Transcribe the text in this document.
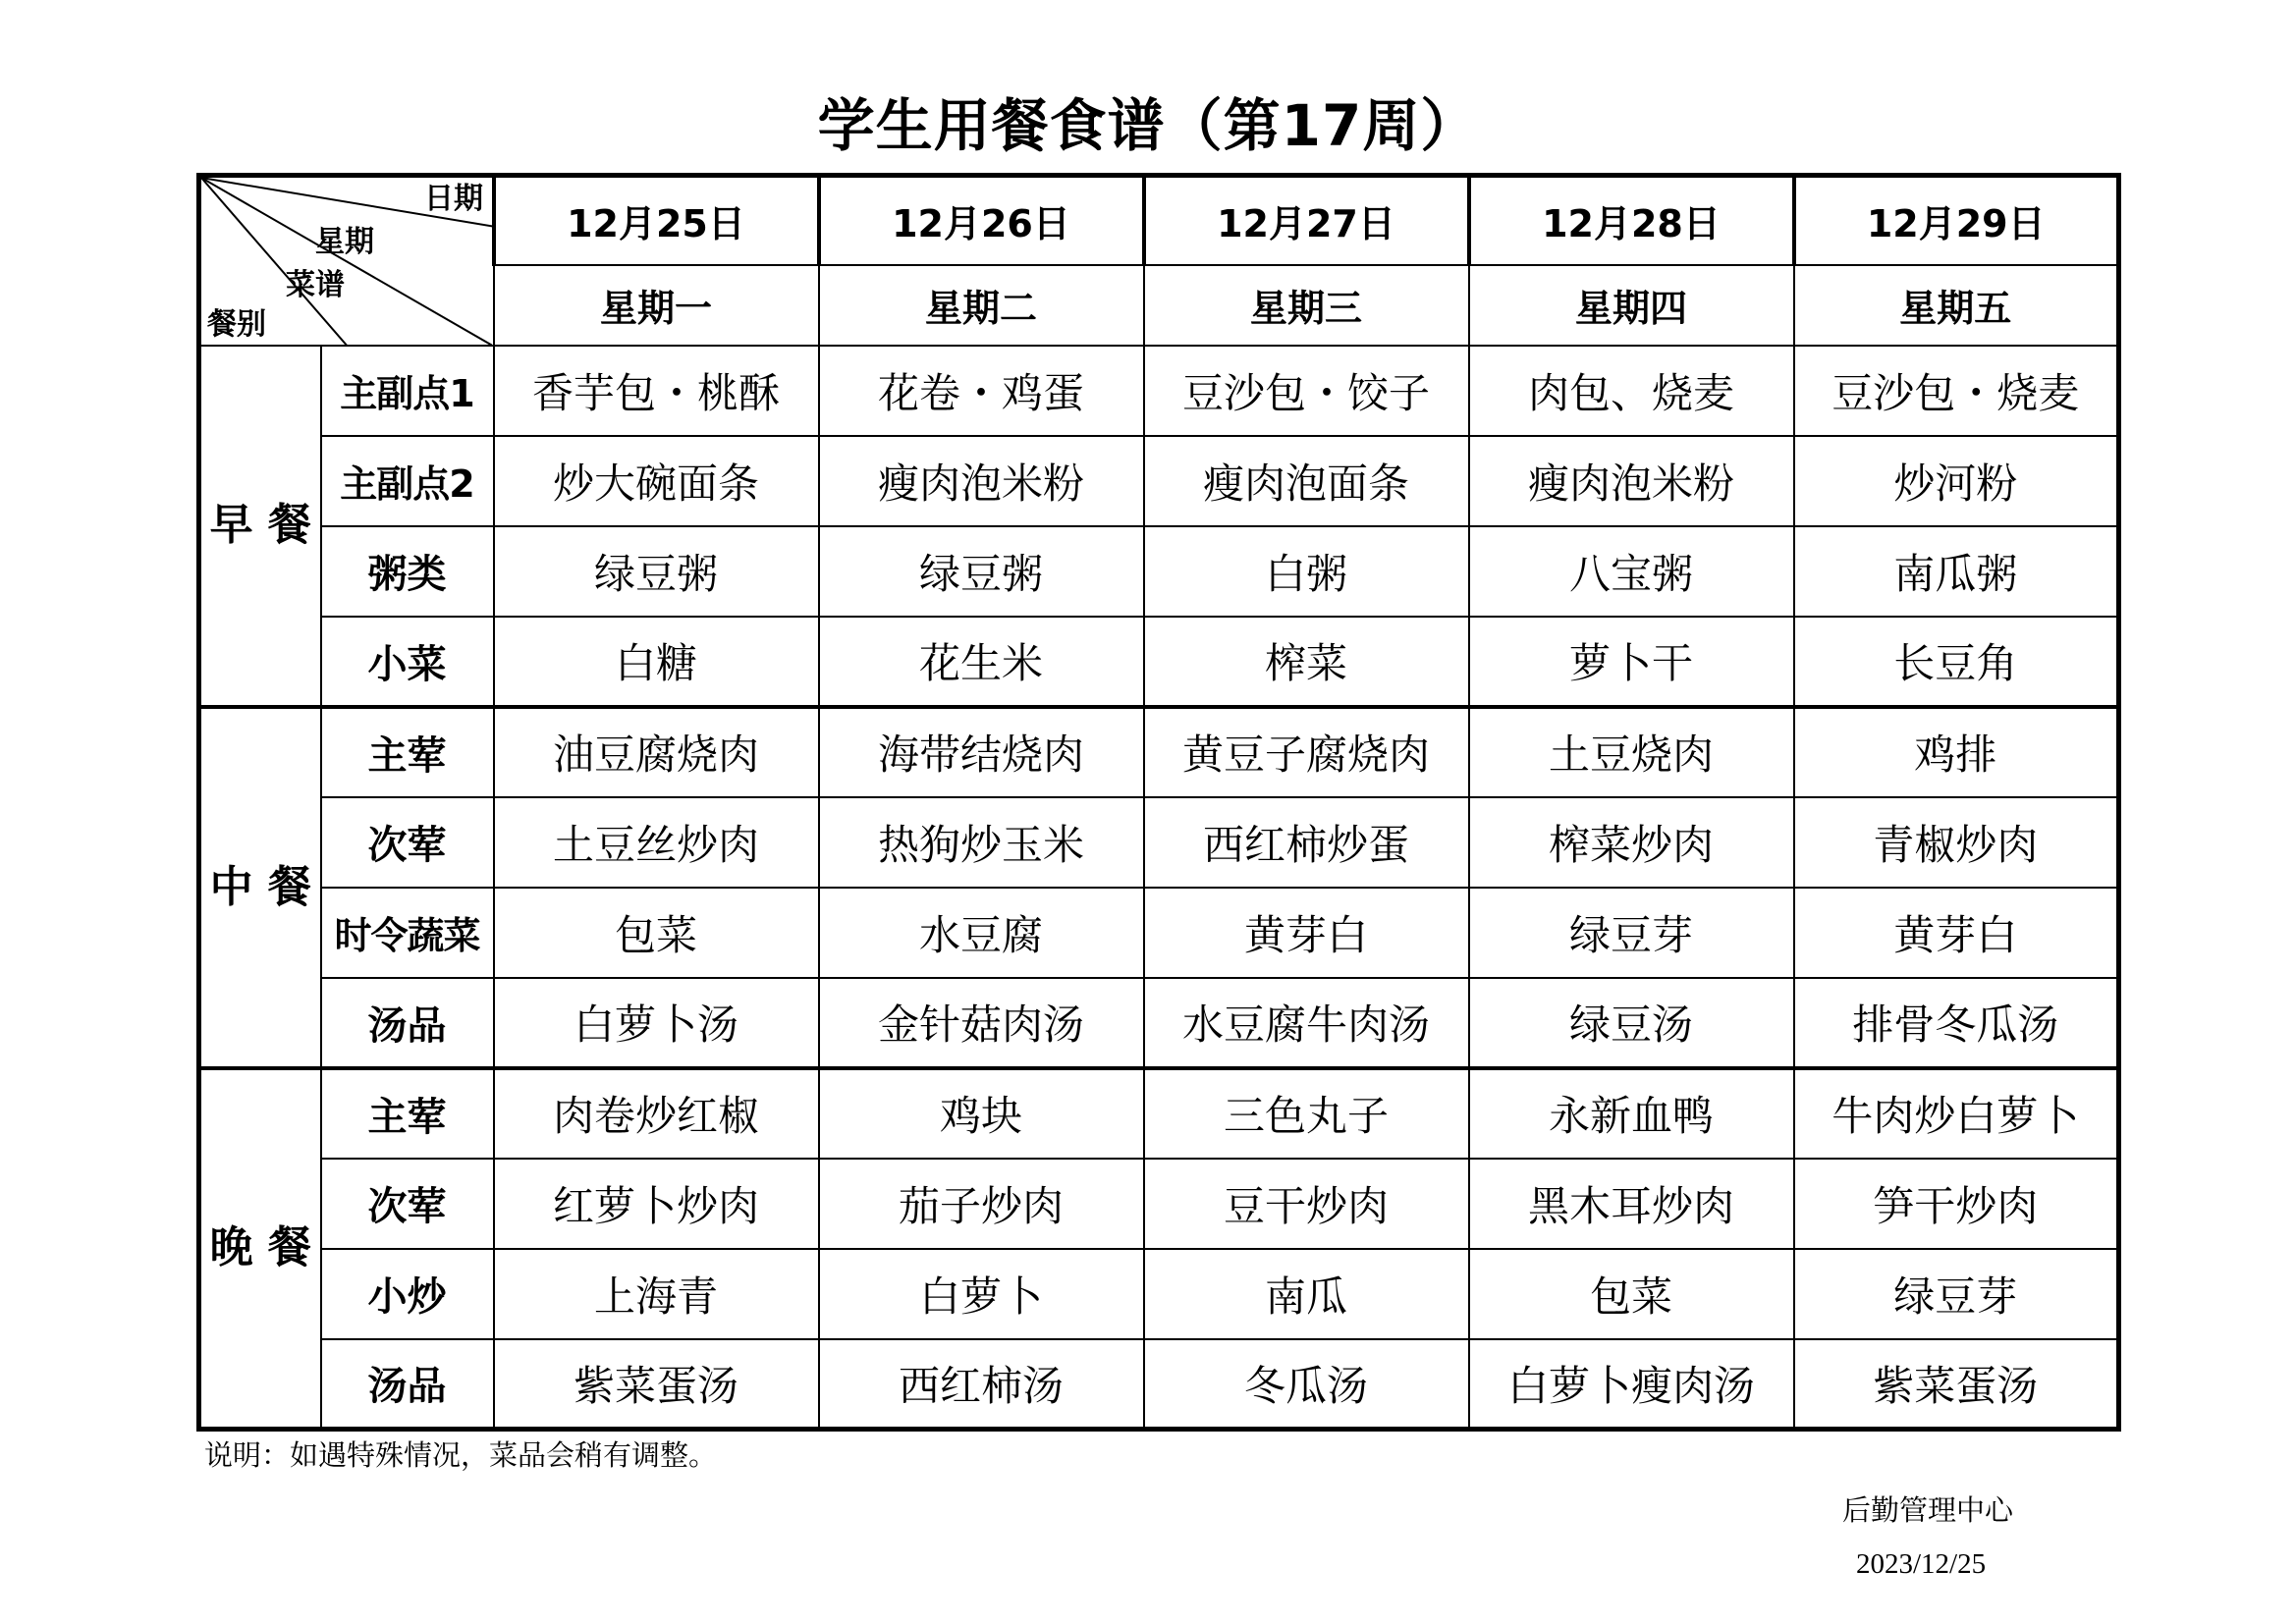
学生用餐食谱（第17周）
日期
星期
菜谱
餐别		12月25日	12月26日	12月27日	12月28日	12月29日
		星期一	星期二	星期三	星期四	星期五
早 餐	主副点1	香芋包・桃酥	花卷・鸡蛋	豆沙包・饺子	肉包、烧麦	豆沙包・烧麦
	主副点2	炒大碗面条	瘦肉泡米粉	瘦肉泡面条	瘦肉泡米粉	炒河粉
	粥类	绿豆粥	绿豆粥	白粥	八宝粥	南瓜粥
	小菜	白糖	花生米	榨菜	萝卜干	长豆角
中 餐	主荤	油豆腐烧肉	海带结烧肉	黄豆子腐烧肉	土豆烧肉	鸡排
	次荤	土豆丝炒肉	热狗炒玉米	西红柿炒蛋	榨菜炒肉	青椒炒肉
	时令蔬菜	包菜	水豆腐	黄芽白	绿豆芽	黄芽白
	汤品	白萝卜汤	金针菇肉汤	水豆腐牛肉汤	绿豆汤	排骨冬瓜汤
晚 餐	主荤	肉卷炒红椒	鸡块	三色丸子	永新血鸭	牛肉炒白萝卜
	次荤	红萝卜炒肉	茄子炒肉	豆干炒肉	黑木耳炒肉	笋干炒肉
	小炒	上海青	白萝卜	南瓜	包菜	绿豆芽
	汤品	紫菜蛋汤	西红柿汤	冬瓜汤	白萝卜瘦肉汤	紫菜蛋汤
说明：如遇特殊情况，菜品会稍有调整。
后勤管理中心
2023/12/25
